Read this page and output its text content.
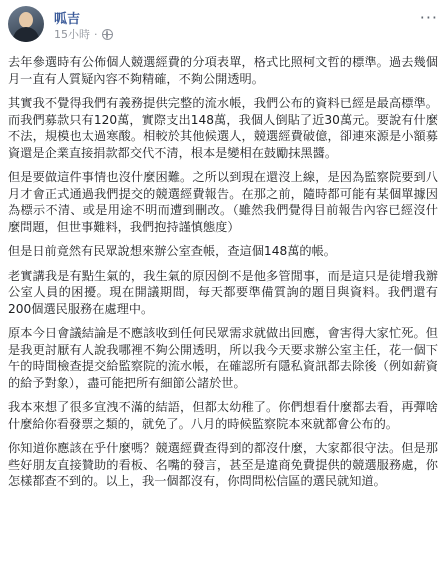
呱吉
15小時 ·
···

去年參選時有公佈個人競選經費的分項表單，格式比照柯文哲的標準。過去幾個月一直有人質疑內容不夠精確，不夠公開透明。

其實我不覺得我們有義務提供完整的流水帳，我們公布的資料已經是最高標準。而我們募款只有120萬，實際支出148萬，我個人倒貼了近30萬元。要說有什麼不法，規模也太過寒酸。相較於其他候選人，競選經費破億，卻連來源是小額募資還是企業直接捐款都交代不清，根本是變相在鼓勵抹黑醬。

但是要做這件事情也沒什麼困難。之所以到現在還沒上線，是因為監察院要到八月才會正式通過我們提交的競選經費報告。在那之前，隨時都可能有某個單據因為標示不清、或是用途不明而遭到刪改。（雖然我們覺得目前報告內容已經沒什麼問題，但世事難料，我們抱持謹慎態度）

但是日前竟然有民眾說想來辦公室查帳，查這個148萬的帳。

老實講我是有點生氣的，我生氣的原因倒不是他多管閒事，而是這只是徒增我辦公室人員的困擾。現在開議期間，每天都要準備質詢的題目與資料。我們還有200個選民服務在處理中。

原本今日會議結論是不應該收到任何民眾需求就做出回應，會害得大家忙死。但是我更討厭有人說我哪裡不夠公開透明，所以我今天要求辦公室主任，花一個下午的時間檢查提交給監察院的流水帳，在確認所有隱私資訊都去除後（例如薪資的給予對象），盡可能把所有細節公諸於世。

我本來想了很多宣洩不滿的結語，但都太幼稚了。你們想看什麼都去看，再彈啥什麼給你看發票之類的，就免了。八月的時候監察院本來就都會公布的。

你知道你應該在乎什麼嗎？競選經費查得到的都沒什麼，大家都很守法。但是那些好朋友直接贊助的看板、名嘴的發言，甚至是違商免費提供的競選服務處，你怎樣都查不到的。以上，我一個都沒有，你問問松信區的選民就知道。
